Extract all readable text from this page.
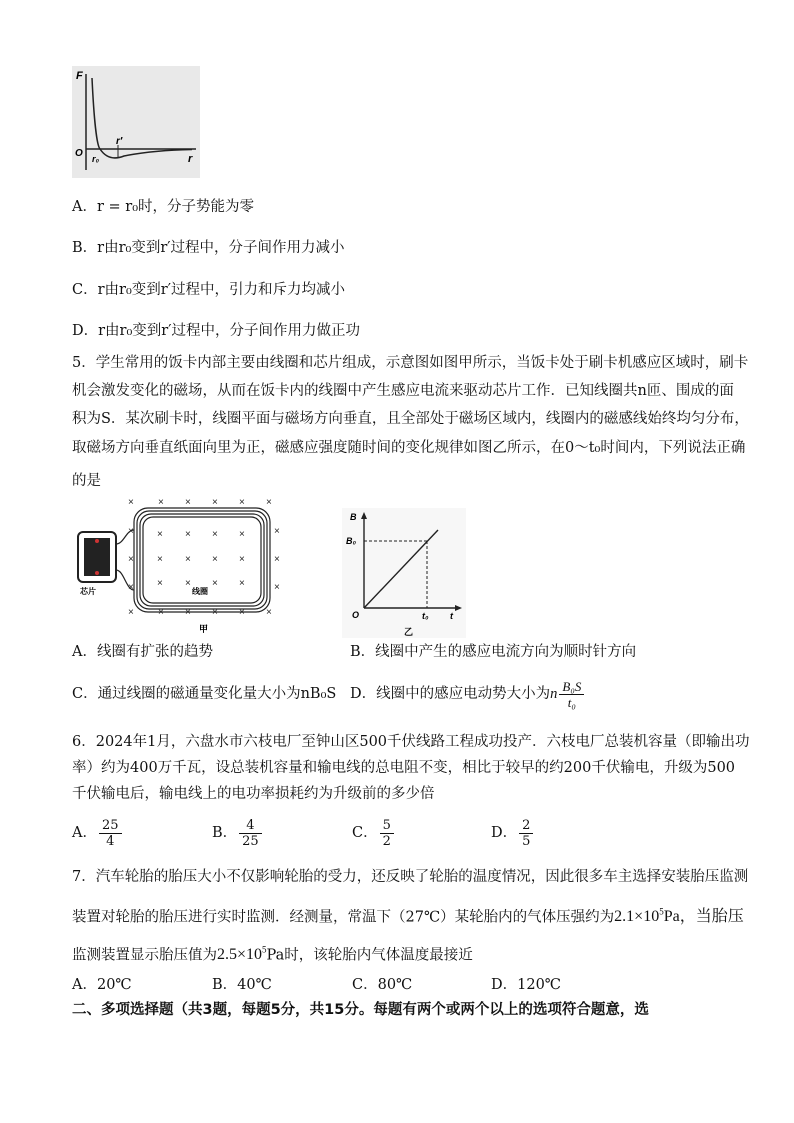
F
O r₀
r′
r
A．r = r₀时，分子势能为零
B．r由r₀变到r′过程中，分子间作用力减小
C．r由r₀变到r′过程中，引力和斥力均减小
D．r由r₀变到r′过程中，分子间作用力做正功
5．学生常用的饭卡内部主要由线圈和芯片组成，示意图如图甲所示，当饭卡处于刷卡机感应区域时，刷卡
机会激发变化的磁场，从而在饭卡内的线圈中产生感应电流来驱动芯片工作．已知线圈共n匝、围成的面
积为S．某次刷卡时，线圈平面与磁场方向垂直，且全部处于磁场区域内，线圈内的磁感线始终均匀分布，
取磁场方向垂直纸面向里为正，磁感应强度随时间的变化规律如图乙所示，在0～t₀时间内，下列说法正确
的是
× × × × × ×
×	×
×	×
×	×
× × × × × ×
× × × ×
× × × ×
× × × ×
芯片	线圈
甲
B
B₀
O	t₀ t
乙
A．线圈有扩张的趋势	B．线圈中产生的感应电流方向为顺时针方向
C．通过线圈的磁通量变化量大小为nB₀S D．线圈中的感应电动势大小为n $\frac{\text{B₀S}}{\text{t₀}}$
6．2024年1月，六盘水市六枝电厂至钟山区500千伏线路工程成功投产．六枝电厂总装机容量（即输出功
率）约为400万千瓦，设总装机容量和输电线的总电阻不变，相比于较早的约200千伏输电，升级为500
千伏输电后，输电线上的电功率损耗约为升级前的多少倍
A． $\frac{25}{4}$	B． $\frac{4}{25}$	C． $\frac{5}{2}$	D． $\frac{2}{5}$
7．汽车轮胎的胎压大小不仅影响轮胎的受力，还反映了轮胎的温度情况，因此很多车主选择安装胎压监测
装置对轮胎的胎压进行实时监测．经测量，常温下（27℃）某轮胎内的气体压强约为$2.1\times 10^5Pa$，当胎压
监测装置显示胎压值为$2.5\times 10^5Pa$时，该轮胎内气体温度最接近
A．20℃	B．40℃	C．80℃	D．120℃
二、多项选择题（共3题，每题5分，共15分。每题有两个或两个以上的选项符合题意，选
